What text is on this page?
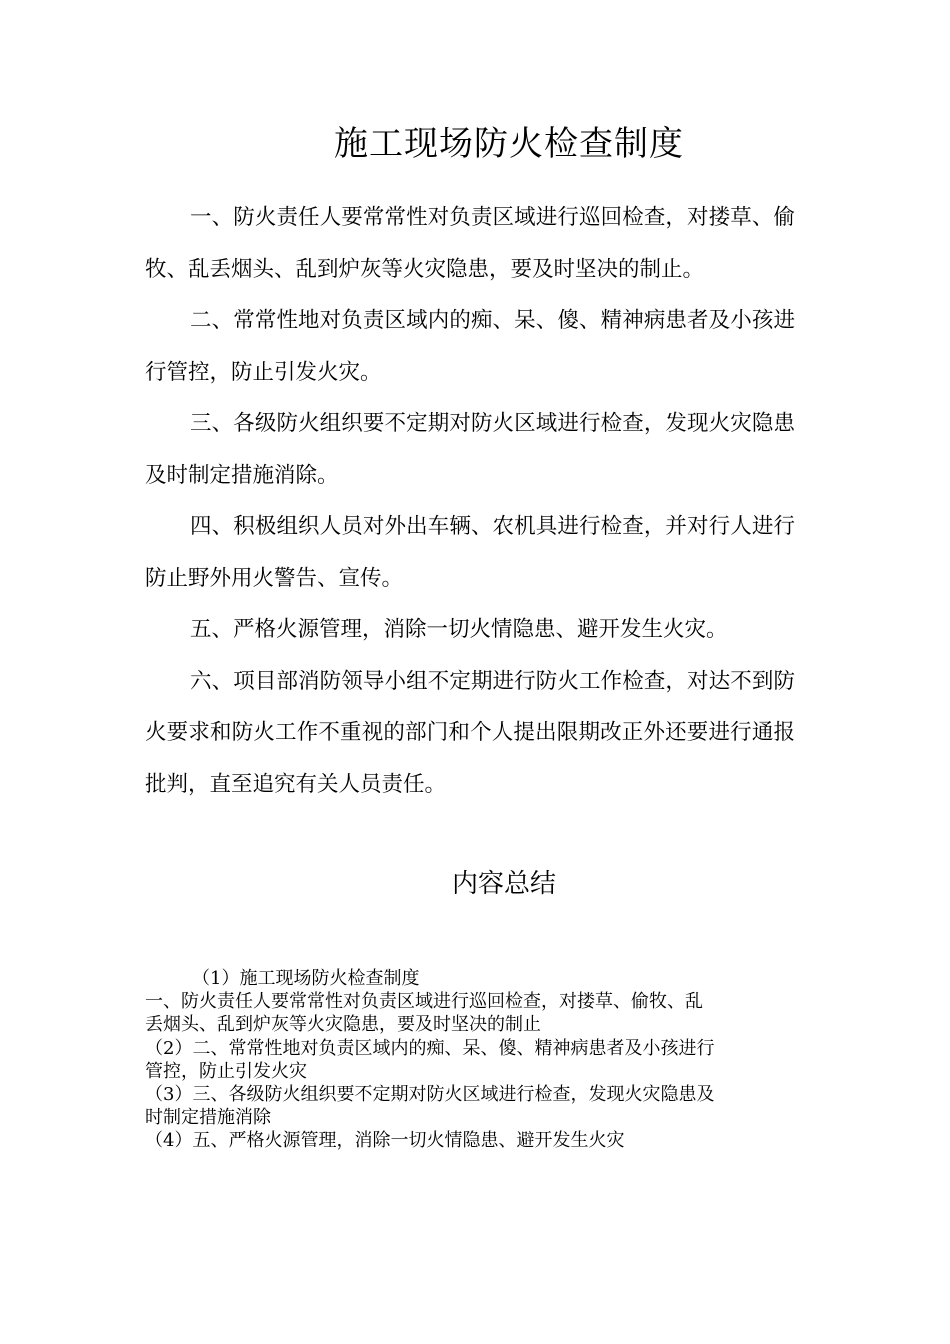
施工现场防火检查制度

一、防火责任人要常常性对负责区域进行巡回检查，对搂草、偷牧、乱丢烟头、乱到炉灰等火灾隐患，要及时坚决的制止。

二、常常性地对负责区域内的痴、呆、傻、精神病患者及小孩进行管控，防止引发火灾。

三、各级防火组织要不定期对防火区域进行检查，发现火灾隐患及时制定措施消除。

四、积极组织人员对外出车辆、农机具进行检查，并对行人进行防止野外用火警告、宣传。

五、严格火源管理，消除一切火情隐患、避开发生火灾。

六、项目部消防领导小组不定期进行防火工作检查，对达不到防火要求和防火工作不重视的部门和个人提出限期改正外还要进行通报批判，直至追究有关人员责任。

内容总结

（1）施工现场防火检查制度

一、防火责任人要常常性对负责区域进行巡回检查，对搂草、偷牧、乱

丢烟头、乱到炉灰等火灾隐患，要及时坚决的制止

（2）二、常常性地对负责区域内的痴、呆、傻、精神病患者及小孩进行

管控，防止引发火灾

（3）三、各级防火组织要不定期对防火区域进行检查，发现火灾隐患及

时制定措施消除

（4）五、严格火源管理，消除一切火情隐患、避开发生火灾
